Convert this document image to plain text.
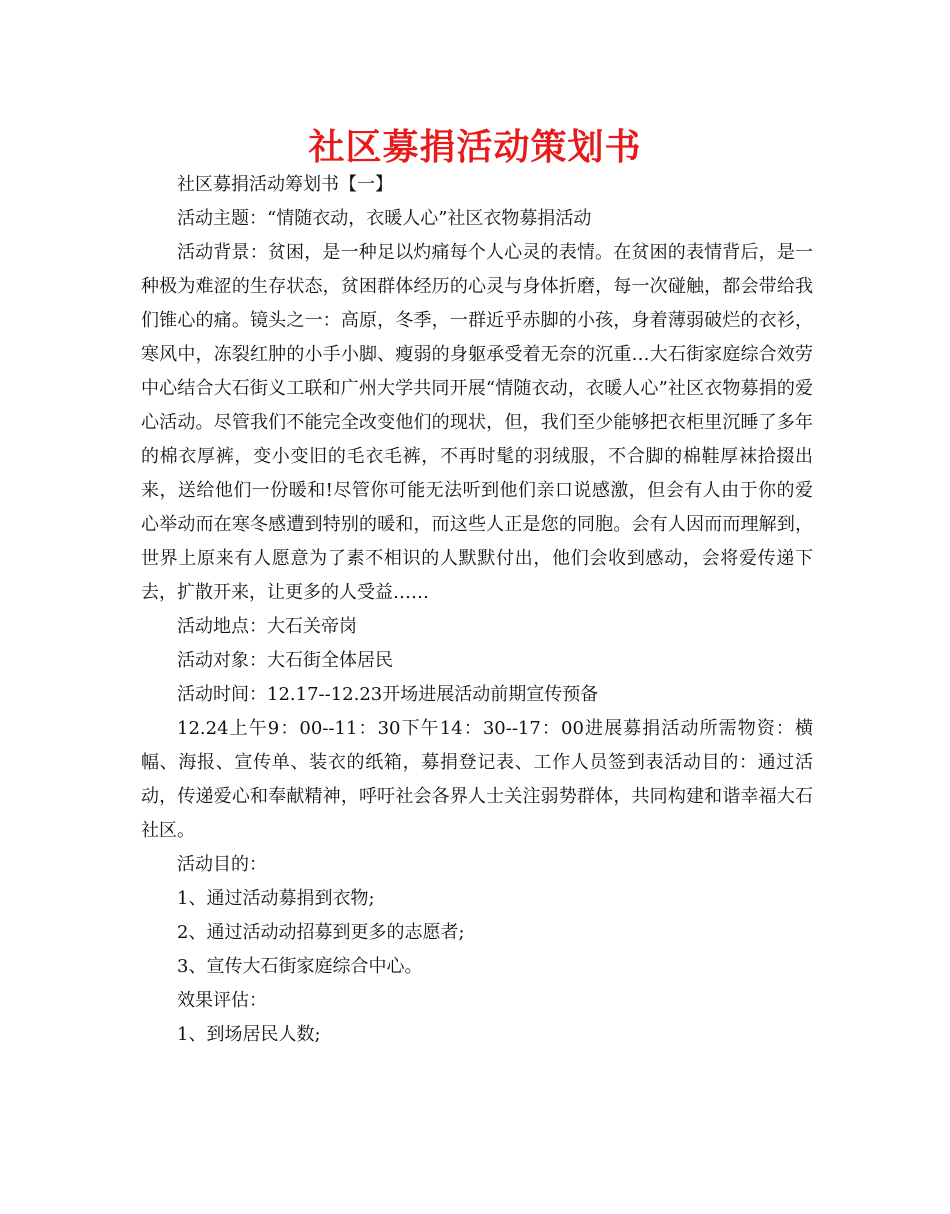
社区募捐活动策划书

社区募捐活动筹划书【一】

活动主题：“情随衣动，衣暖人心”社区衣物募捐活动

活动背景：贫困，是一种足以灼痛每个人心灵的表情。在贫困的表情背后，是一种极为难涩的生存状态，贫困群体经历的心灵与身体折磨，每一次碰触，都会带给我们锥心的痛。镜头之一：高原，冬季，一群近乎赤脚的小孩，身着薄弱破烂的衣衫，寒风中，冻裂红肿的小手小脚、瘦弱的身躯承受着无奈的沉重…大石街家庭综合效劳中心结合大石街义工联和广州大学共同开展“情随衣动，衣暖人心”社区衣物募捐的爱心活动。尽管我们不能完全改变他们的现状，但，我们至少能够把衣柜里沉睡了多年的棉衣厚裤，变小变旧的毛衣毛裤，不再时髦的羽绒服，不合脚的棉鞋厚袜拾掇出来，送给他们一份暖和!尽管你可能无法听到他们亲口说感激，但会有人由于你的爱心举动而在寒冬感遭到特别的暖和，而这些人正是您的同胞。会有人因而而理解到，世界上原来有人愿意为了素不相识的人默默付出，他们会收到感动，会将爱传递下去，扩散开来，让更多的人受益……

活动地点：大石关帝岗

活动对象：大石街全体居民

活动时间：12.17--12.23开场进展活动前期宣传预备

12.24上午9：00--11：30下午14：30--17：00进展募捐活动所需物资：横幅、海报、宣传单、装衣的纸箱，募捐登记表、工作人员签到表活动目的：通过活动，传递爱心和奉献精神，呼吁社会各界人士关注弱势群体，共同构建和谐幸福大石社区。

活动目的：

1、通过活动募捐到衣物;

2、通过活动动招募到更多的志愿者;

3、宣传大石街家庭综合中心。

效果评估：

1、到场居民人数;
